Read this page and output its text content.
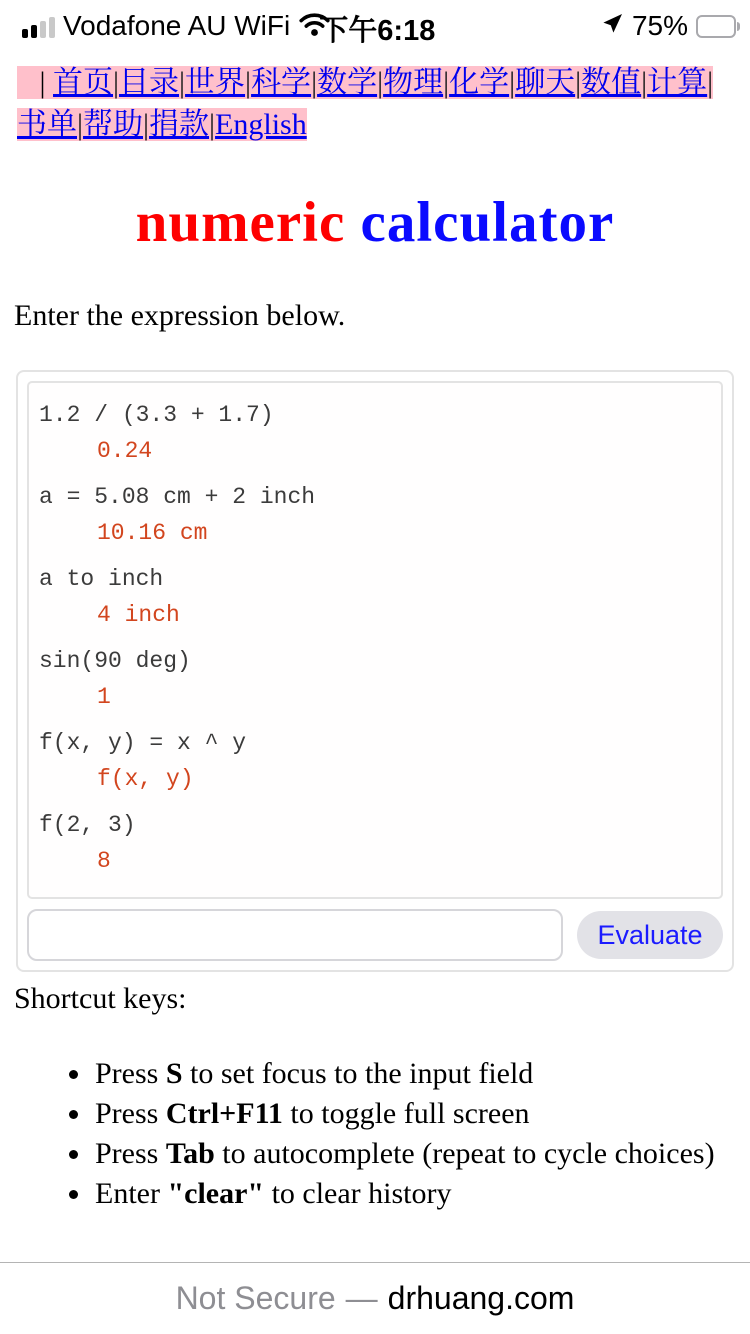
Vodafone AU WiFi 下午6:18	75%
| 首页|目录|世界|科学|数学|物理|化学|聊天|数值|计算|书单|帮助|捐款|English
numeric calculator

Enter the expression below.

1.2 / (3.3 + 1.7)
0.24
a = 5.08 cm + 2 inch
10.16 cm
a to inch
4 inch
sin(90 deg)
1
f(x, y) = x ^ y
f(x, y)
f(2, 3)
8
Evaluate

Shortcut keys:

• Press S to set focus to the input field
• Press Ctrl+F11 to toggle full screen
• Press Tab to autocomplete (repeat to cycle choices)
• Enter "clear" to clear history
Not Secure — drhuang.com
